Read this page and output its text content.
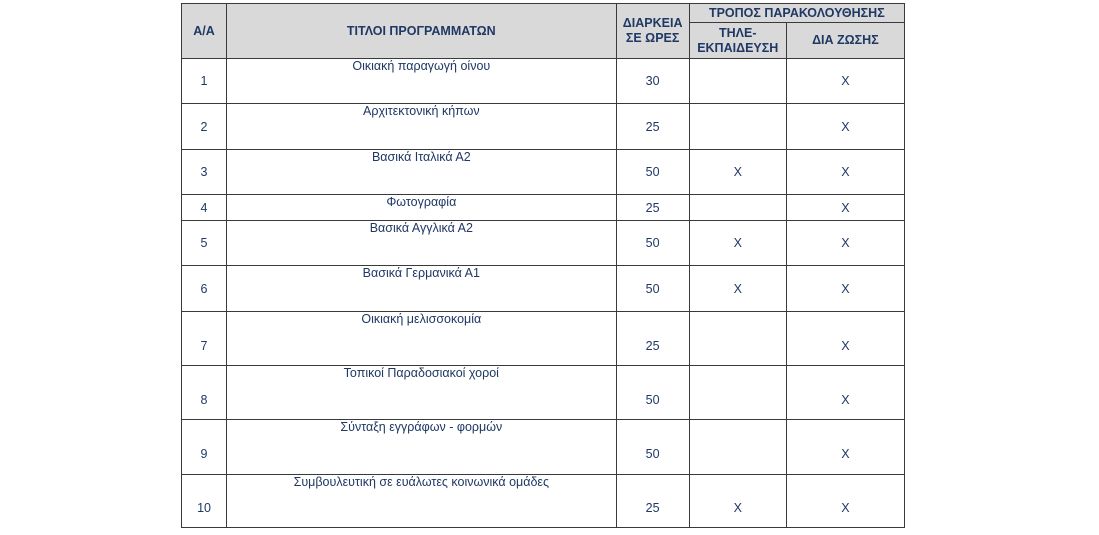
Α/Α	ΤΙΤΛΟΙ ΠΡΟΓΡΑΜΜΑΤΩΝ	ΔΙΑΡΚΕΙΑ ΣΕ ΩΡΕΣ	ΤΡΟΠΟΣ ΠΑΡΑΚΟΛΟΥΘΗΣΗΣ	
			ΤΗΛΕ-ΕΚΠΑΙΔΕΥΣΗ	ΔΙΑ ΖΩΣΗΣ
1	Οικιακή παραγωγή οίνου	30		X
2	Αρχιτεκτονική κήπων	25		X
3	Βασικά Ιταλικά Α2	50	X	X
4	Φωτογραφία	25		X
5	Βασικά Αγγλικά Α2	50	X	X
6	Βασικά Γερμανικά Α1	50	X	X
7	Οικιακή μελισσοκομία	25		X
8	Τοπικοί Παραδοσιακοί χοροί	50		X
9	Σύνταξη εγγράφων - φορμών	50		X
10	Συμβουλευτική σε ευάλωτες κοινωνικά ομάδες	25	X	X
